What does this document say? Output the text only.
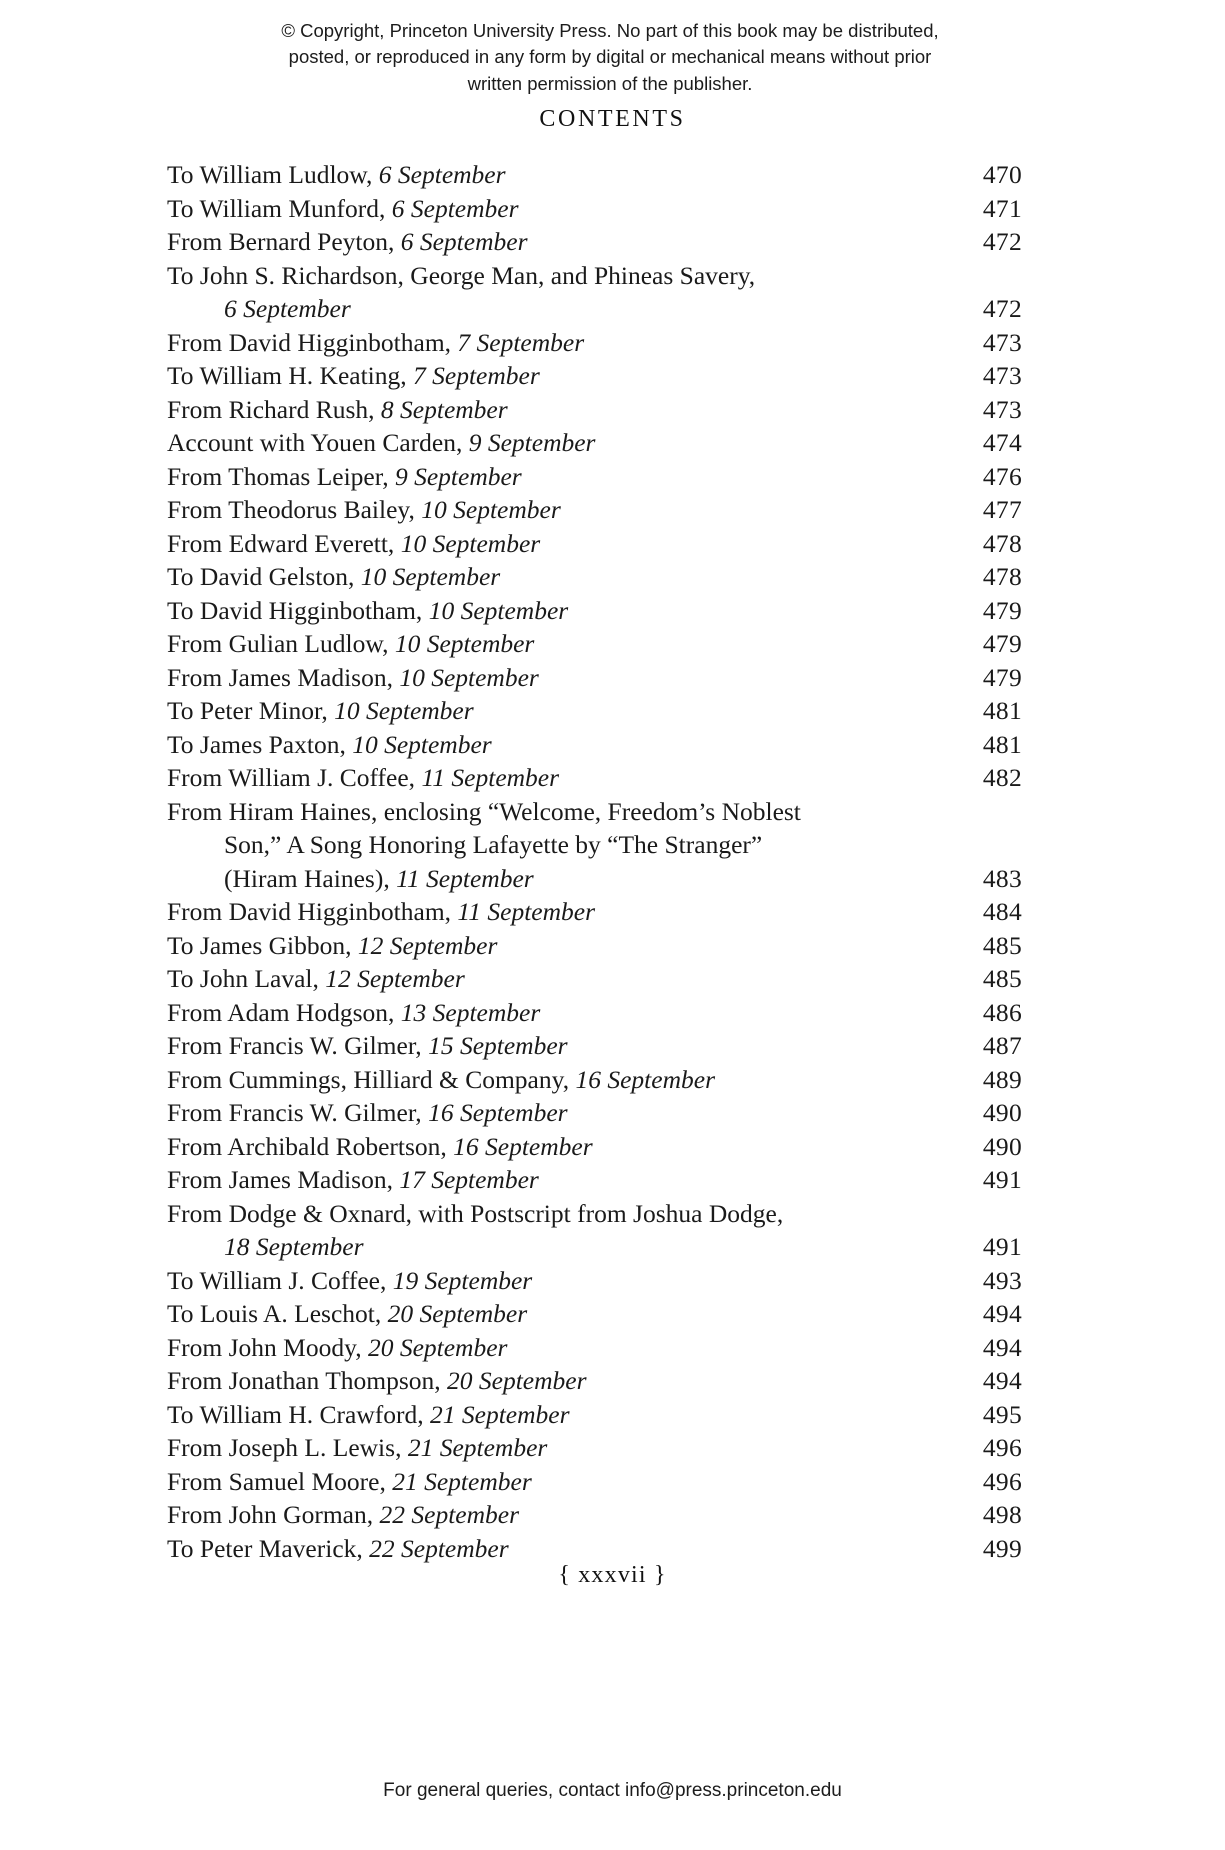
© Copyright, Princeton University Press. No part of this book may be distributed, posted, or reproduced in any form by digital or mechanical means without prior written permission of the publisher.
CONTENTS
To William Ludlow, 6 September	470
To William Munford, 6 September	471
From Bernard Peyton, 6 September	472
To John S. Richardson, George Man, and Phineas Savery,
6 September	472
From David Higginbotham, 7 September	473
To William H. Keating, 7 September	473
From Richard Rush, 8 September	473
Account with Youen Carden, 9 September	474
From Thomas Leiper, 9 September	476
From Theodorus Bailey, 10 September	477
From Edward Everett, 10 September	478
To David Gelston, 10 September	478
To David Higginbotham, 10 September	479
From Gulian Ludlow, 10 September	479
From James Madison, 10 September	479
To Peter Minor, 10 September	481
To James Paxton, 10 September	481
From William J. Coffee, 11 September	482
From Hiram Haines, enclosing “Welcome, Freedom’s Noblest
Son,” A Song Honoring Lafayette by “The Stranger”
(Hiram Haines), 11 September	483
From David Higginbotham, 11 September	484
To James Gibbon, 12 September	485
To John Laval, 12 September	485
From Adam Hodgson, 13 September	486
From Francis W. Gilmer, 15 September	487
From Cummings, Hilliard & Company, 16 September	489
From Francis W. Gilmer, 16 September	490
From Archibald Robertson, 16 September	490
From James Madison, 17 September	491
From Dodge & Oxnard, with Postscript from Joshua Dodge,
18 September	491
To William J. Coffee, 19 September	493
To Louis A. Leschot, 20 September	494
From John Moody, 20 September	494
From Jonathan Thompson, 20 September	494
To William H. Crawford, 21 September	495
From Joseph L. Lewis, 21 September	496
From Samuel Moore, 21 September	496
From John Gorman, 22 September	498
To Peter Maverick, 22 September	499
{ xxxvii }
For general queries, contact info@press.princeton.edu
